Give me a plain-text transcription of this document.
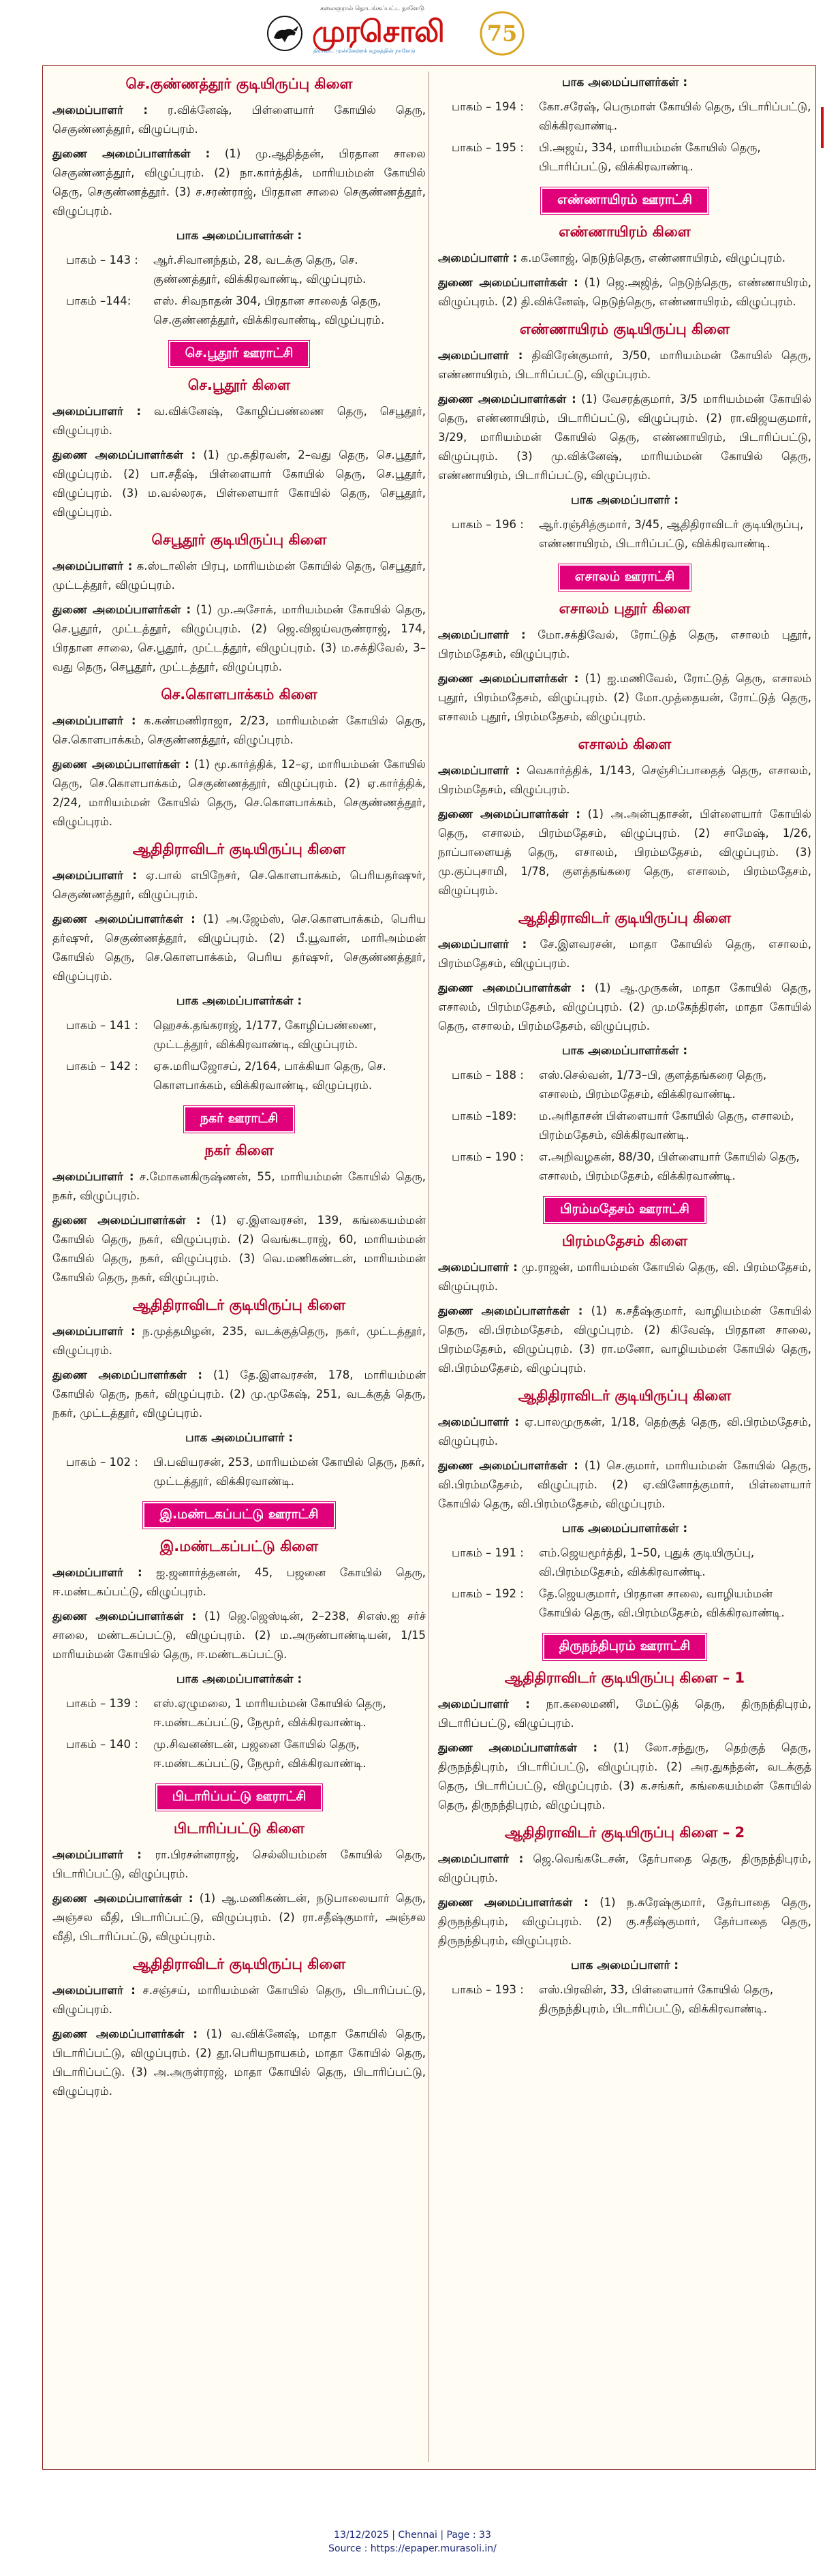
கலைஞரால் தொடங்கப்பட்ட நாளேடு
முரசொலி
திராவிட முன்னேற்றக் கழகத்தின் நாளேடு
75
செ.குண்ணத்தூர் குடியிருப்பு கிளை

அமைப்பாளர் : ர.விக்னேஷ், பிள்ளையார் கோயில் தெரு, செகுண்ணத்தூர், விழுப்புரம்.

துணை அமைப்பாளர்கள் : (1) மு.ஆதித்தன், பிரதான சாலை செகுண்ணத்தூர், விழுப்புரம். (2) நா.கார்த்திக், மாரியம்மன் கோயில் தெரு, செகுண்ணத்தூர். (3) ச.சரண்ராஜ், பிரதான சாலை செகுண்ணத்தூர், விழுப்புரம்.

பாக அமைப்பாளர்கள் :
பாகம் – 143 :	ஆர்.சிவானந்தம், 28, வடக்கு தெரு, செ. குண்ணத்தூர், விக்கிரவாண்டி, விழுப்புரம்.
பாகம் –144:	எஸ். சிவநாதன் 304, பிரதான சாலைத் தெரு, செ.குண்ணத்தூர், விக்கிரவாண்டி, விழுப்புரம்.
செ.பூதூர் ஊராட்சி
செ.பூதூர் கிளை

அமைப்பாளர் : வ.விக்னேஷ், கோழிப்பண்ணை தெரு, செபூதூர், விழுப்புரம்.

துணை அமைப்பாளர்கள் : (1) மு.கதிரவன், 2–வது தெரு, செ.பூதூர், விழுப்புரம். (2) பா.சதீஷ், பிள்ளையார் கோயில் தெரு, செ.பூதூர், விழுப்புரம். (3) ம.வல்லரசு, பிள்ளையார் கோயில் தெரு, செபூதூர், விழுப்புரம்.

செபூதூர் குடியிருப்பு கிளை

அமைப்பாளர் : க.ஸ்டாலின் பிரபு, மாரியம்மன் கோயில் தெரு, செபூதூர், முட்டத்தூர், விழுப்புரம்.

துணை அமைப்பாளர்கள் : (1) மு.அசோக், மாரியம்மன் கோயில் தெரு, செ.பூதூர், முட்டத்தூர், விழுப்புரம். (2) ஜெ.விஜய்வருண்ராஜ், 174, பிரதான சாலை, செ.பூதூர், முட்டத்தூர், விழுப்புரம். (3) ம.சக்திவேல், 3–வது தெரு, செபூதூர், முட்டத்தூர், விழுப்புரம்.

செ.கொளபாக்கம் கிளை

அமைப்பாளர் : க.கண்மணிராஜா, 2/23, மாரியம்மன் கோயில் தெரு, செ.கொளபாக்கம், செகுண்ணத்தூர், விழுப்புரம்.

துணை அமைப்பாளர்கள் : (1) மூ.கார்த்திக், 12–ஏ, மாரியம்மன் கோயில் தெரு, செ.கொளபாக்கம், செகுண்ணத்தூர், விழுப்புரம். (2) ஏ.கார்த்திக், 2/24, மாரியம்மன் கோயில் தெரு, செ.கொளபாக்கம், செகுண்ணத்தூர், விழுப்புரம்.

ஆதிதிராவிடர் குடியிருப்பு கிளை

அமைப்பாளர் : ஏ.பால் எபிநேசர், செ.கொளபாக்கம், பெரியதர்ஷுர், செகுண்ணத்தூர், விழுப்புரம்.

துணை அமைப்பாளர்கள் : (1) அ.ஜேம்ஸ், செ.கொளபாக்கம், பெரிய தர்ஷுர், செகுண்ணத்தூர், விழுப்புரம். (2) பீ.யூவான், மாரிஅம்மன் கோயில் தெரு, செ.கொளபாக்கம், பெரிய தர்ஷுர், செகுண்ணத்தூர், விழுப்புரம்.

பாக அமைப்பாளர்கள் :
பாகம் – 141 :	ஹெசக்.தங்கராஜ், 1/177, கோழிப்பண்ணை, முட்டத்தூர், விக்கிரவாண்டி, விழுப்புரம்.
பாகம் – 142 :	ஏசு.மரியஜோசப், 2/164, பாக்கியா தெரு, செ. கொளபாக்கம், விக்கிரவாண்டி, விழுப்புரம்.
நகர் ஊராட்சி
நகர் கிளை

அமைப்பாளர் : ச.மோகனகிருஷ்ணன், 55, மாரியம்மன் கோயில் தெரு, நகர், விழுப்புரம்.

துணை அமைப்பாளர்கள் : (1) ஏ.இளவரசன், 139, கங்கையம்மன் கோயில் தெரு, நகர், விழுப்புரம். (2) வெங்கடராஜ், 60, மாரியம்மன் கோயில் தெரு, நகர், விழுப்புரம். (3) வெ.மணிகண்டன், மாரியம்மன் கோயில் தெரு, நகர், விழுப்புரம்.

ஆதிதிராவிடர் குடியிருப்பு கிளை

அமைப்பாளர் : ந.முத்தமிழன், 235, வடக்குத்தெரு, நகர், முட்டத்தூர், விழுப்புரம்.

துணை அமைப்பாளர்கள் : (1) தே.இளவரசன், 178, மாரியம்மன் கோயில் தெரு, நகர், விழுப்புரம். (2) மு.முகேஷ், 251, வடக்குத் தெரு, நகர், முட்டத்தூர், விழுப்புரம்.

பாக அமைப்பாளர் :
பாகம் – 102 :	பி.பவியரசன், 253, மாரியம்மன் கோயில் தெரு, நகர், முட்டத்தூர், விக்கிரவாண்டி.
இ.மண்டகப்பட்டு ஊராட்சி
இ.மண்டகப்பட்டு கிளை

அமைப்பாளர் : ஐ.ஜனார்த்தனன், 45, பஜனை கோயில் தெரு, ஈ.மண்டகப்பட்டு, விழுப்புரம்.

துணை அமைப்பாளர்கள் : (1) ஜெ.ஜெஸ்டின், 2–238, சிஎஸ்.ஐ சர்ச் சாலை, மண்டகப்பட்டு, விழுப்புரம். (2) ம.அருண்பாண்டியன், 1/15 மாரியம்மன் கோயில் தெரு, ஈ.மண்டகப்பட்டு.

பாக அமைப்பாளர்கள் :
பாகம் – 139 :	எஸ்.ஏழுமலை, 1 மாரியம்மன் கோயில் தெரு, ஈ.மண்டகப்பட்டு, நேமூர், விக்கிரவாண்டி.
பாகம் – 140 :	மு.சிவனண்டன், பஜனை கோயில் தெரு, ஈ.மண்டகப்பட்டு, நேமூர், விக்கிரவாண்டி.
பிடாரிப்பட்டு ஊராட்சி
பிடாரிப்பட்டு கிளை

அமைப்பாளர் : ரா.பிரசன்னராஜ், செல்லியம்மன் கோயில் தெரு, பிடாரிப்பட்டு, விழுப்புரம்.

துணை அமைப்பாளர்கள் : (1) ஆ.மணிகண்டன், நடுபாலையார் தெரு, அஞ்சல வீதி, பிடாரிப்பட்டு, விழுப்புரம். (2) ரா.சதீஷ்குமார், அஞ்சல வீதி, பிடாரிப்பட்டு, விழுப்புரம்.

ஆதிதிராவிடர் குடியிருப்பு கிளை

அமைப்பாளர் : ச.சஞ்சய், மாரியம்மன் கோயில் தெரு, பிடாரிப்பட்டு, விழுப்புரம்.

துணை அமைப்பாளர்கள் : (1) வ.விக்னேஷ், மாதா கோயில் தெரு, பிடாரிப்பட்டு, விழுப்புரம். (2) தூ.பெரியநாயகம், மாதா கோயில் தெரு, பிடாரிப்பட்டு. (3) அ.அருள்ராஜ், மாதா கோயில் தெரு, பிடாரிப்பட்டு, விழுப்புரம்.

பாக அமைப்பாளர்கள் :
பாகம் – 194 :	கோ.சரேஷ், பெருமாள் கோயில் தெரு, பிடாரிப்பட்டு, விக்கிரவாண்டி.
பாகம் – 195 :	பி.அஜய், 334, மாரியம்மன் கோயில் தெரு, பிடாரிப்பட்டு, விக்கிரவாண்டி.
எண்ணாயிரம் ஊராட்சி
எண்ணாயிரம் கிளை

அமைப்பாளர் : க.மனோஜ், நெடுந்தெரு, எண்ணாயிரம், விழுப்புரம்.

துணை அமைப்பாளர்கள் : (1) ஜெ.அஜித், நெடுந்தெரு, எண்ணாயிரம், விழுப்புரம். (2) தி.விக்னேஷ், நெடுந்தெரு, எண்ணாயிரம், விழுப்புரம்.

எண்ணாயிரம் குடியிருப்பு கிளை

அமைப்பாளர் : திவிரேன்குமார், 3/50, மாரியம்மன் கோயில் தெரு, எண்ணாயிரம், பிடாரிப்பட்டு, விழுப்புரம்.

துணை அமைப்பாளர்கள் : (1) வேசரத்குமார், 3/5 மாரியம்மன் கோயில் தெரு, எண்ணாயிரம், பிடாரிப்பட்டு, விழுப்புரம். (2) ரா.விஜயகுமார், 3/29, மாரியம்மன் கோயில் தெரு, எண்ணாயிரம், பிடாரிப்பட்டு, விழுப்புரம். (3) மு.விக்னேஷ், மாரியம்மன் கோயில் தெரு, எண்ணாயிரம், பிடாரிப்பட்டு, விழுப்புரம்.

பாக அமைப்பாளர் :
பாகம் – 196 :	ஆர்.ரஞ்சித்குமார், 3/45, ஆதிதிராவிடர் குடியிருப்பு, எண்ணாயிரம், பிடாரிப்பட்டு, விக்கிரவாண்டி.
எசாலம் ஊராட்சி
எசாலம் புதூர் கிளை

அமைப்பாளர் : மோ.சக்திவேல், ரோட்டுத் தெரு, எசாலம் புதூர், பிரம்மதேசம், விழுப்புரம்.

துணை அமைப்பாளர்கள் : (1) ஐ.மணிவேல், ரோட்டுத் தெரு, எசாலம் புதூர், பிரம்மதேசம், விழுப்புரம். (2) மோ.முத்தையன், ரோட்டுத் தெரு, எசாலம் புதூர், பிரம்மதேசம், விழுப்புரம்.

எசாலம் கிளை

அமைப்பாளர் : வெகார்த்திக், 1/143, செஞ்சிப்பாதைத் தெரு, எசாலம், பிரம்மதேசம், விழுப்புரம்.

துணை அமைப்பாளர்கள் : (1) அ.அன்புதாசன், பிள்ளையார் கோயில் தெரு, எசாலம், பிரம்மதேசம், விழுப்புரம். (2) சாமேஷ், 1/26, நாப்பாளையத் தெரு, எசாலம், பிரம்மதேசம், விழுப்புரம். (3) மு.குப்புசாமி, 1/78, குளத்தங்கரை தெரு, எசாலம், பிரம்மதேசம், விழுப்புரம்.

ஆதிதிராவிடர் குடியிருப்பு கிளை

அமைப்பாளர் : சே.இளவரசன், மாதா கோயில் தெரு, எசாலம், பிரம்மதேசம், விழுப்புரம்.

துணை அமைப்பாளர்கள் : (1) ஆ.முருகன், மாதா கோயில் தெரு, எசாலம், பிரம்மதேசம், விழுப்புரம். (2) மு.மகேந்திரன், மாதா கோயில் தெரு, எசாலம், பிரம்மதேசம், விழுப்புரம்.

பாக அமைப்பாளர்கள் :
பாகம் – 188 :	எஸ்.செல்வன், 1/73–பி, குளத்தங்கரை தெரு, எசாலம், பிரம்மதேசம், விக்கிரவாண்டி.
பாகம் –189:	ம.அரிதாசன் பிள்ளையார் கோயில் தெரு, எசாலம், பிரம்மதேசம், விக்கிரவாண்டி.
பாகம் – 190 :	எ.அறிவழகன், 88/30, பிள்ளையார் கோயில் தெரு, எசாலம், பிரம்மதேசம், விக்கிரவாண்டி.
பிரம்மதேசம் ஊராட்சி
பிரம்மதேசம் கிளை

அமைப்பாளர் : மு.ராஜன், மாரியம்மன் கோயில் தெரு, வி. பிரம்மதேசம், விழுப்புரம்.

துணை அமைப்பாளர்கள் : (1) க.சதீஷ்குமார், வாழியம்மன் கோயில் தெரு, வி.பிரம்மதேசம், விழுப்புரம். (2) கிவேஷ், பிரதான சாலை, பிரம்மதேசம், விழுப்புரம். (3) ரா.மனோ, வாழியம்மன் கோயில் தெரு, வி.பிரம்மதேசம், விழுப்புரம்.

ஆதிதிராவிடர் குடியிருப்பு கிளை

அமைப்பாளர் : ஏ.பாலமுருகன், 1/18, தெற்குத் தெரு, வி.பிரம்மதேசம், விழுப்புரம்.

துணை அமைப்பாளர்கள் : (1) செ.குமார், மாரியம்மன் கோயில் தெரு, வி.பிரம்மதேசம், விழுப்புரம். (2) ஏ.வினோத்குமார், பிள்ளையார் கோயில் தெரு, வி.பிரம்மதேசம், விழுப்புரம்.

பாக அமைப்பாளர்கள் :
பாகம் – 191 :	எம்.ஜெயமூர்த்தி, 1–50, புதுக் குடியிருப்பு, வி.பிரம்மதேசம், விக்கிரவாண்டி.
பாகம் – 192 :	தே.ஜெயகுமார், பிரதான சாலை, வாழியம்மன் கோயில் தெரு, வி.பிரம்மதேசம், விக்கிரவாண்டி.
திருநந்திபுரம் ஊராட்சி
ஆதிதிராவிடர் குடியிருப்பு கிளை – 1

அமைப்பாளர் : நா.கலைமணி, மேட்டுத் தெரு, திருநந்திபுரம், பிடாரிப்பட்டு, விழுப்புரம்.

துணை அமைப்பாளர்கள் : (1) லோ.சந்துரு, தெற்குத் தெரு, திருநந்திபுரம், பிடாரிப்பட்டு, விழுப்புரம். (2) அர.துகந்தன், வடக்குத் தெரு, பிடாரிப்பட்டு, விழுப்புரம். (3) க.சங்கர், கங்கையம்மன் கோயில் தெரு, திருநந்திபுரம், விழுப்புரம்.

ஆதிதிராவிடர் குடியிருப்பு கிளை – 2

அமைப்பாளர் : ஜெ.வெங்கடேசன், தேர்பாதை தெரு, திருநந்திபுரம், விழுப்புரம்.

துணை அமைப்பாளர்கள் : (1) ந.சுரேஷ்குமார், தேர்பாதை தெரு, திருநந்திபுரம், விழுப்புரம். (2) கு.சதீஷ்குமார், தேர்பாதை தெரு, திருநந்திபுரம், விழுப்புரம்.

பாக அமைப்பாளர் :
பாகம் – 193 :	எஸ்.பிரவின், 33, பிள்ளையார் கோயில் தெரு, திருநந்திபுரம், பிடாரிப்பட்டு, விக்கிரவாண்டி.
13/12/2025 | Chennai | Page : 33
Source : https://epaper.murasoli.in/
